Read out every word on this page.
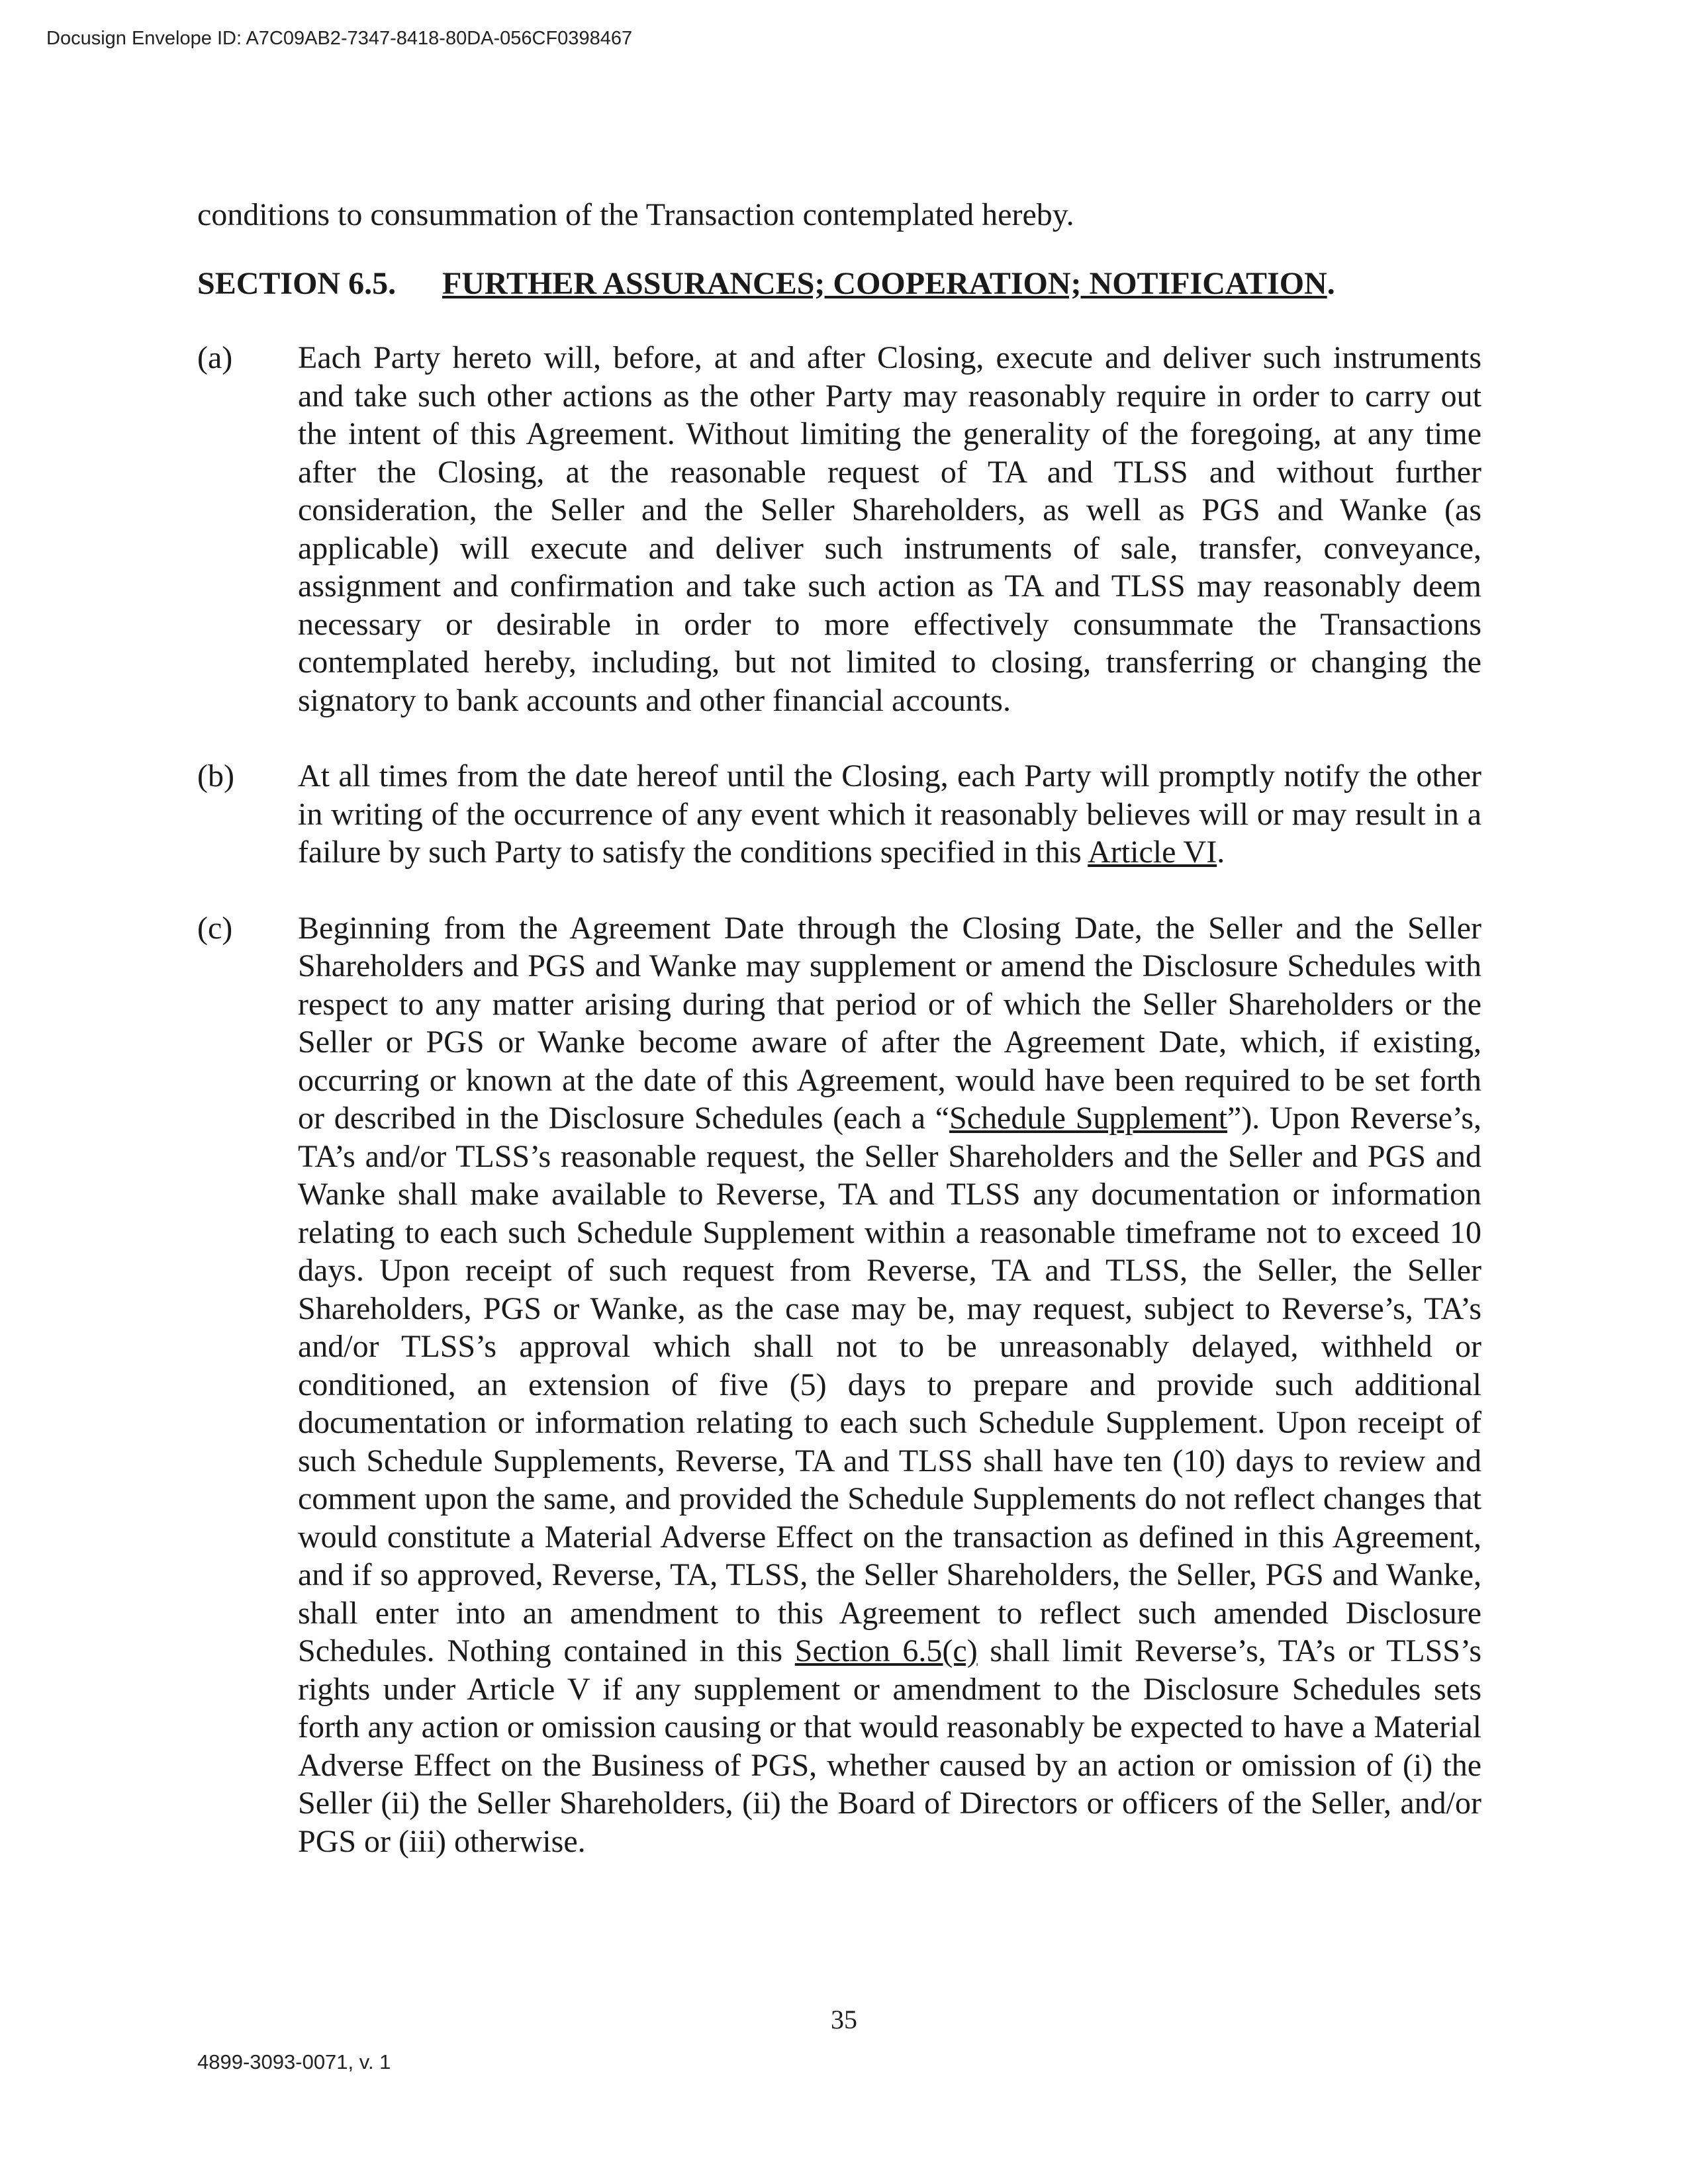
Docusign Envelope ID: A7C09AB2-7347-8418-80DA-056CF0398467

conditions to consummation of the Transaction contemplated hereby.

SECTION 6.5.	FURTHER ASSURANCES; COOPERATION; NOTIFICATION.
(a)	Each Party hereto will, before, at and after Closing, execute and deliver such instruments and take such other actions as the other Party may reasonably require in order to carry out the intent of this Agreement. Without limiting the generality of the foregoing, at any time after the Closing, at the reasonable request of TA and TLSS and without further consideration, the Seller and the Seller Shareholders, as well as PGS and Wanke (as applicable) will execute and deliver such instruments of sale, transfer, conveyance, assignment and confirmation and take such action as TA and TLSS may reasonably deem necessary or desirable in order to more effectively consummate the Transactions contemplated hereby, including, but not limited to closing, transferring or changing the signatory to bank accounts and other financial accounts.
(b)	At all times from the date hereof until the Closing, each Party will promptly notify the other in writing of the occurrence of any event which it reasonably believes will or may result in a failure by such Party to satisfy the conditions specified in this Article VI.
(c)	Beginning from the Agreement Date through the Closing Date, the Seller and the Seller Shareholders and PGS and Wanke may supplement or amend the Disclosure Schedules with respect to any matter arising during that period or of which the Seller Shareholders or the Seller or PGS or Wanke become aware of after the Agreement Date, which, if existing, occurring or known at the date of this Agreement, would have been required to be set forth or described in the Disclosure Schedules (each a “Schedule Supplement”). Upon Reverse’s, TA’s and/or TLSS’s reasonable request, the Seller Shareholders and the Seller and PGS and Wanke shall make available to Reverse, TA and TLSS any documentation or information relating to each such Schedule Supplement within a reasonable timeframe not to exceed 10 days. Upon receipt of such request from Reverse, TA and TLSS, the Seller, the Seller Shareholders, PGS or Wanke, as the case may be, may request, subject to Reverse’s, TA’s and/or TLSS’s approval which shall not to be unreasonably delayed, withheld or conditioned, an extension of five (5) days to prepare and provide such additional documentation or information relating to each such Schedule Supplement. Upon receipt of such Schedule Supplements, Reverse, TA and TLSS shall have ten (10) days to review and comment upon the same, and provided the Schedule Supplements do not reflect changes that would constitute a Material Adverse Effect on the transaction as defined in this Agreement, and if so approved, Reverse, TA, TLSS, the Seller Shareholders, the Seller, PGS and Wanke, shall enter into an amendment to this Agreement to reflect such amended Disclosure Schedules. Nothing contained in this Section 6.5(c) shall limit Reverse’s, TA’s or TLSS’s rights under Article V if any supplement or amendment to the Disclosure Schedules sets forth any action or omission causing or that would reasonably be expected to have a Material Adverse Effect on the Business of PGS, whether caused by an action or omission of (i) the Seller (ii) the Seller Shareholders, (ii) the Board of Directors or officers of the Seller, and/or PGS or (iii) otherwise.
35
4899-3093-0071, v. 1
